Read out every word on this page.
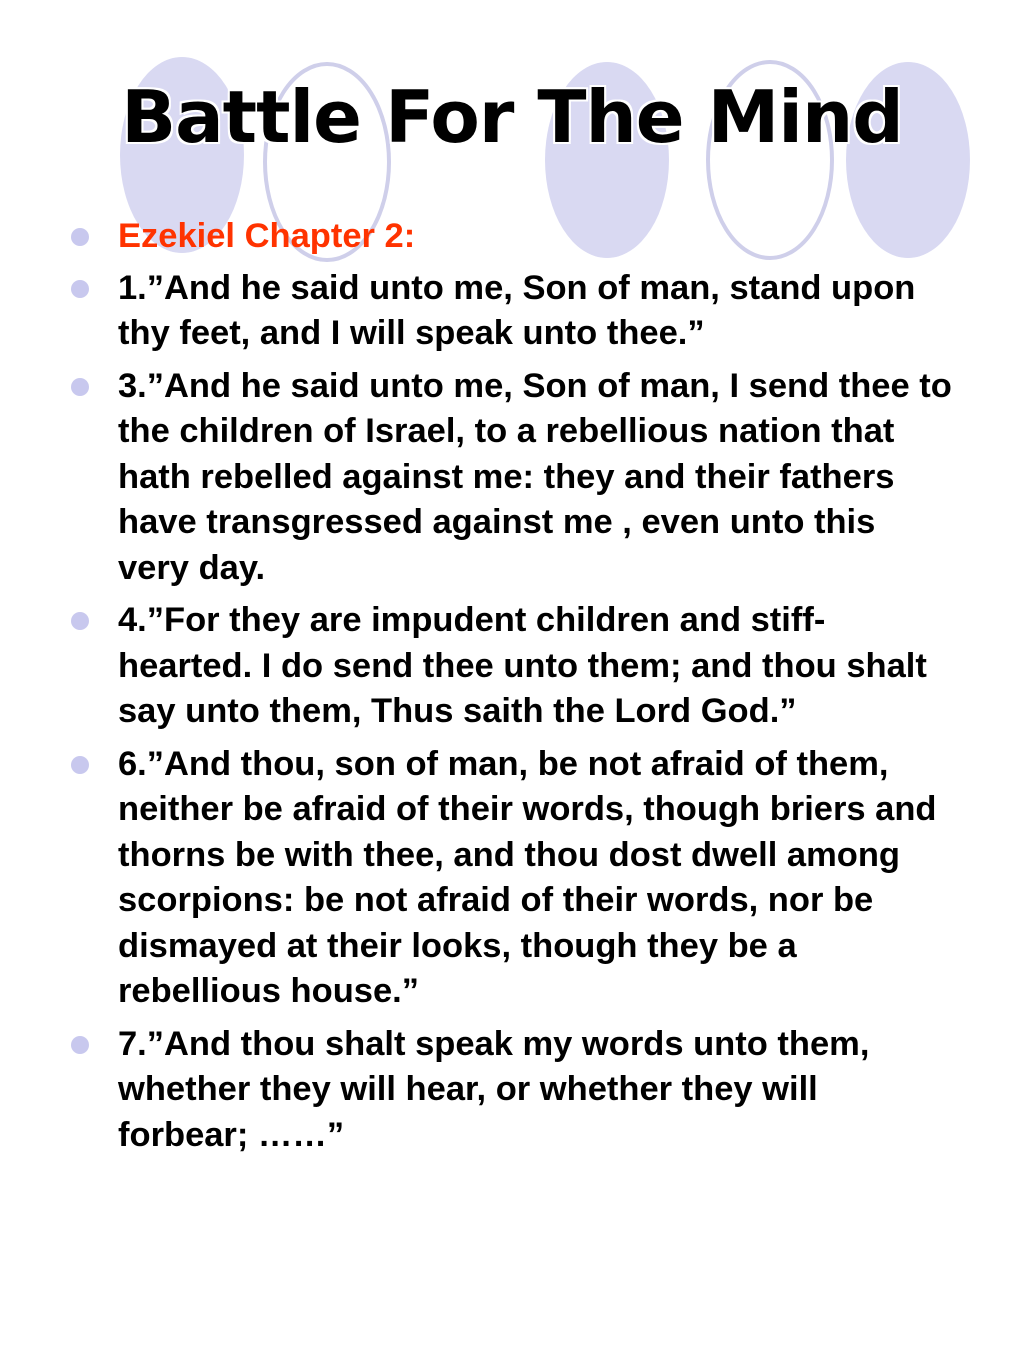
Battle For The Mind
Ezekiel Chapter 2:
1.”And he said unto me, Son of man, stand upon thy feet, and I will speak unto thee.”
3.”And he said unto me, Son of man, I send thee to the children of Israel, to a rebellious nation that hath rebelled against me: they and their fathers have transgressed against me , even unto this very day.
4.”For they are impudent children and stiff-hearted. I do send thee unto them; and thou shalt say unto them, Thus saith the Lord God.”
6.”And thou, son of man, be not afraid of them, neither be afraid of their words, though briers and thorns be with thee, and thou dost dwell among scorpions: be not afraid of their words, nor be dismayed at their looks, though they be a rebellious house.”
7.”And thou shalt speak my words unto them, whether they will hear, or whether they will forbear; ……”
